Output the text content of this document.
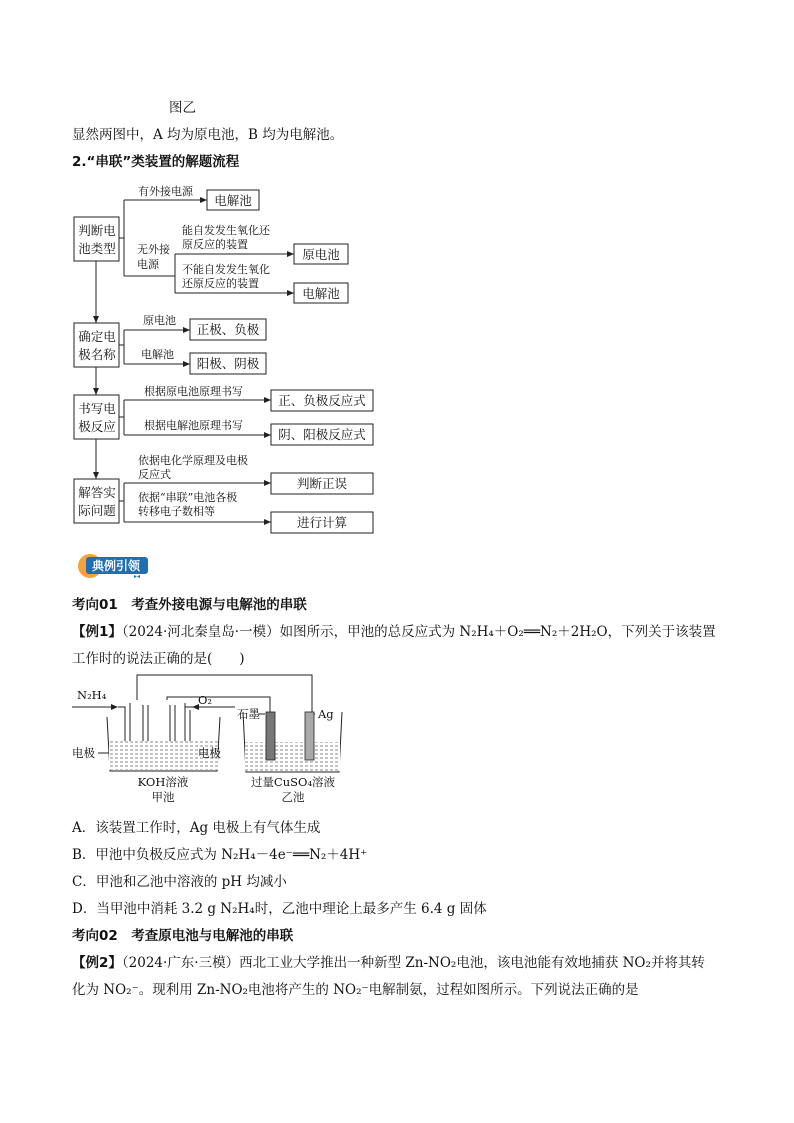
图乙
显然两图中，A 均为原电池，B 均为电解池。
2.“串联”类装置的解题流程
判断电
池类型
电解池
原电池
电解池
确定电
极名称
正极、负极
阳极、阴极
书写电
极反应
正、负极反应式
阴、阳极反应式
解答实
际问题
判断正误
进行计算
有外接电源
无外接
电源
能自发发生氧化还
原反应的装置
不能自发发生氧化
还原反应的装置
原电池
电解池
根据原电池原理书写
根据电解池原理书写
依据电化学原理及电极
反应式
依据“串联”电池各极
转移电子数相等
典例引领
▸◂
考向01　考查外接电源与电解池的串联
【例1】（2024·河北秦皇岛·一模）如图所示，甲池的总反应式为 N₂H₄＋O₂══N₂＋2H₂O，下列关于该装置
工作时的说法正确的是(　　)
N₂H₄	O₂
电极	电极
石墨	Ag
KOH溶液
甲池
过量CuSO₄溶液
乙池
A．该装置工作时，Ag 电极上有气体生成
B．甲池中负极反应式为 N₂H₄－4e⁻══N₂＋4H⁺
C．甲池和乙池中溶液的 pH 均减小
D．当甲池中消耗 3.2 g N₂H₄时，乙池中理论上最多产生 6.4 g 固体
考向02　考查原电池与电解池的串联
【例2】（2024·广东·三模）西北工业大学推出一种新型 Zn-NO₂电池，该电池能有效地捕获 NO₂并将其转
化为 NO₂⁻。现利用 Zn-NO₂电池将产生的 NO₂⁻电解制氨，过程如图所示。下列说法正确的是
